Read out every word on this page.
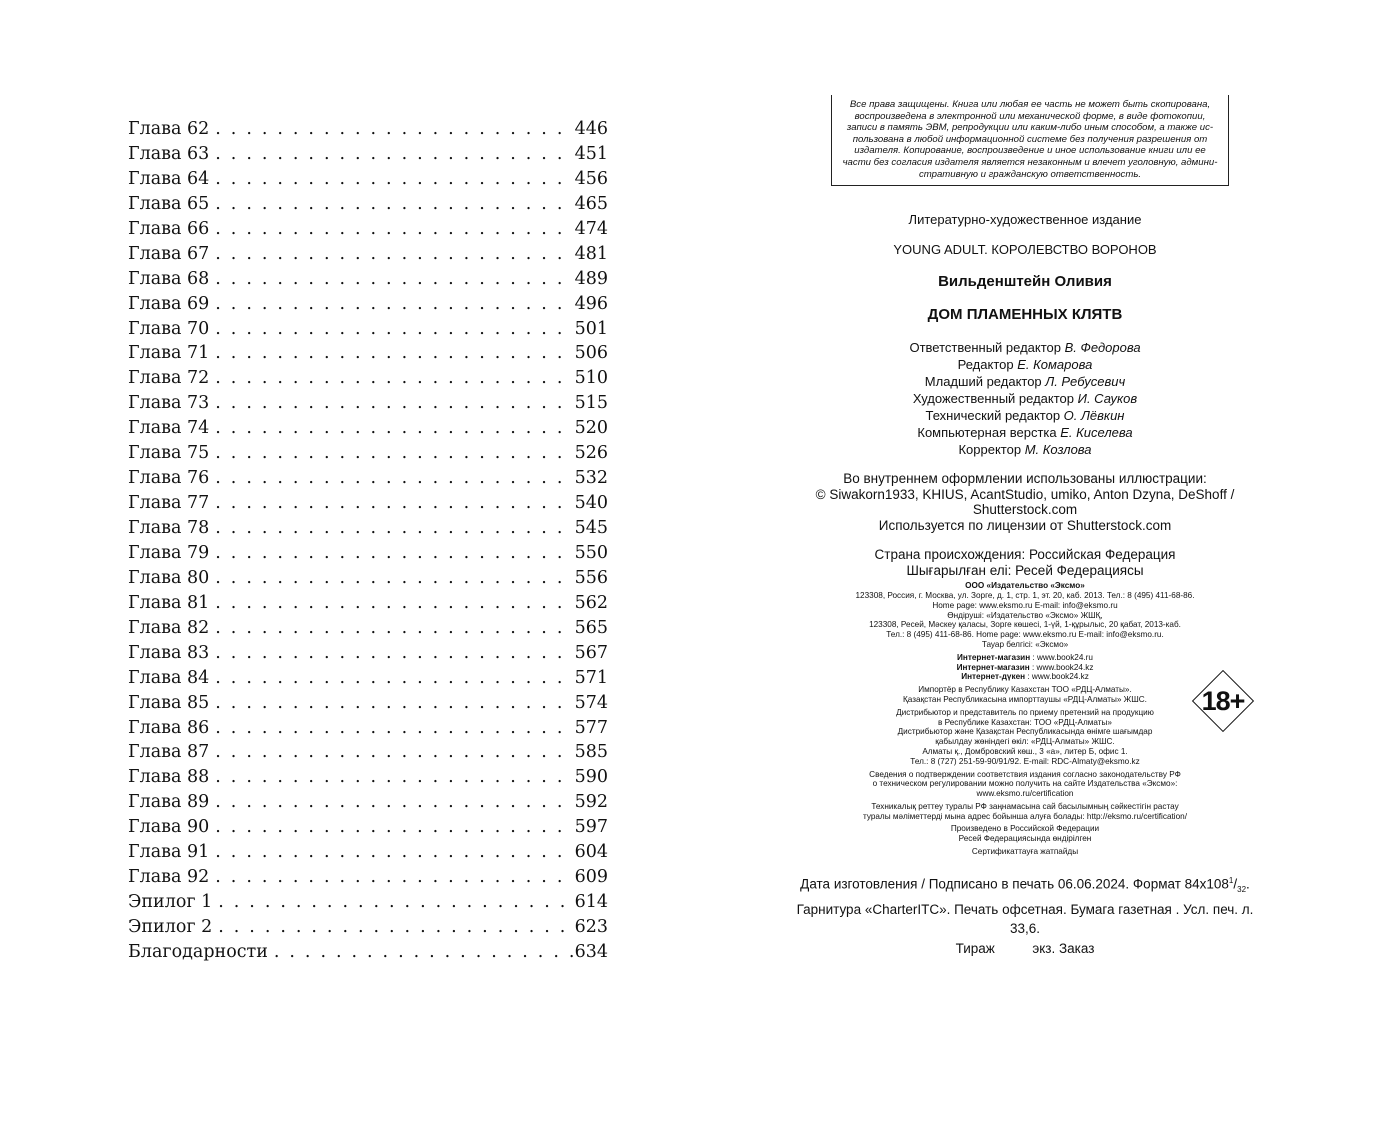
Глава 62 . . .	446
Глава 63 . . .	451
Глава 64 . . .	456
Глава 65 . . .	465
Глава 66 . . .	474
Глава 67 . . .	481
Глава 68 . . .	489
Глава 69 . . .	496
Глава 70 . . .	501
Глава 71 . . .	506
Глава 72 . . .	510
Глава 73 . . .	515
Глава 74 . . .	520
Глава 75 . . .	526
Глава 76 . . .	532
Глава 77 . . .	540
Глава 78 . . .	545
Глава 79 . . .	550
Глава 80 . . .	556
Глава 81 . . .	562
Глава 82 . . .	565
Глава 83 . . .	567
Глава 84 . . .	571
Глава 85 . . .	574
Глава 86 . . .	577
Глава 87 . . .	585
Глава 88 . . .	590
Глава 89 . . .	592
Глава 90 . . .	597
Глава 91 . . .	604
Глава 92 . . .	609
Эпилог 1 . . .	614
Эпилог 2 . . .	623
Благодарности . . .	634
Все права защищены. Книга или любая ее часть не может быть скопирована,
воспроизведена в электронной или механической форме, в виде фотокопии,
записи в память ЭВМ, репродукции или каким-либо иным способом, а также ис-
пользована в любой информационной системе без получения разрешения от
издателя. Копирование, воспроизведение и иное использование книги или ее
части без согласия издателя является незаконным и влечет уголовную, админи-
стративную и гражданскую ответственность.
Литературно-художественное издание
YOUNG ADULT. КОРОЛЕВСТВО ВОРОНОВ
Вильденштейн Оливия
ДОМ ПЛАМЕННЫХ КЛЯТВ
Ответственный редактор В. Федорова
Редактор Е. Комарова
Младший редактор Л. Ребусевич
Художественный редактор И. Сауков
Технический редактор О. Лёвкин
Компьютерная верстка Е. Киселева
Корректор М. Козлова
Во внутреннем оформлении использованы иллюстрации:
© Siwakorn1933, KHIUS, AcantStudio, umiko, Anton Dzyna, DeShoff /
Shutterstock.com
Используется по лицензии от Shutterstock.com
Страна происхождения: Российская Федерация
Шығарылған елі: Ресей Федерациясы
ООО «Издательство «Эксмо»
123308, Россия, г. Москва, ул. Зорге, д. 1, стр. 1, эт. 20, каб. 2013. Тел.: 8 (495) 411-68-86.
Home page: www.eksmo.ru E-mail: info@eksmo.ru
Өндіруші: «Издательство «Эксмо» ЖШҚ,
123308, Ресей, Мәскеу қаласы, Зорге көшесі, 1-үй, 1-құрылыс, 20 қабат, 2013-каб.
Тел.: 8 (495) 411-68-86. Home page: www.eksmo.ru E-mail: info@eksmo.ru.
Тауар белгісі: «Эксмо»
Интернет-магазин : www.book24.ru
Интернет-магазин : www.book24.kz
Интернет-дүкен : www.book24.kz
Импортёр в Республику Казахстан ТОО «РДЦ-Алматы».
Қазақстан Республикасына импорттаушы «РДЦ-Алматы» ЖШС.
Дистрибьютор и представитель по приему претензий на продукцию
в Республике Казахстан: ТОО «РДЦ-Алматы»
Дистрибьютор және Қазақстан Республикасында өнімге шағымдар
қабылдау жөніндегі өкіл: «РДЦ-Алматы» ЖШС.
Алматы қ., Домбровский көш., 3 «а», литер Б, офис 1.
Тел.: 8 (727) 251-59-90/91/92. E-mail: RDC-Almaty@eksmo.kz
Сведения о подтверждении соответствия издания согласно законодательству РФ
о техническом регулировании можно получить на сайте Издательства «Эксмо»:
www.eksmo.ru/certification
Техникалық реттеу туралы РФ заңнамасына сай басылымның сәйкестігін растау
туралы мәліметтерді мына адрес бойынша алуға болады: http://eksmo.ru/certification/
Произведено в Российской Федерации
Ресей Федерациясында өндірілген
Сертификаттауға жатпайды
Дата изготовления / Подписано в печать 06.06.2024. Формат $84x108^1/_{32}$.
Гарнитура «CharterITC». Печать офсетная. Бумага газетная . Усл. печ. л. 33,6.
Тираж          экз. Заказ
18+
